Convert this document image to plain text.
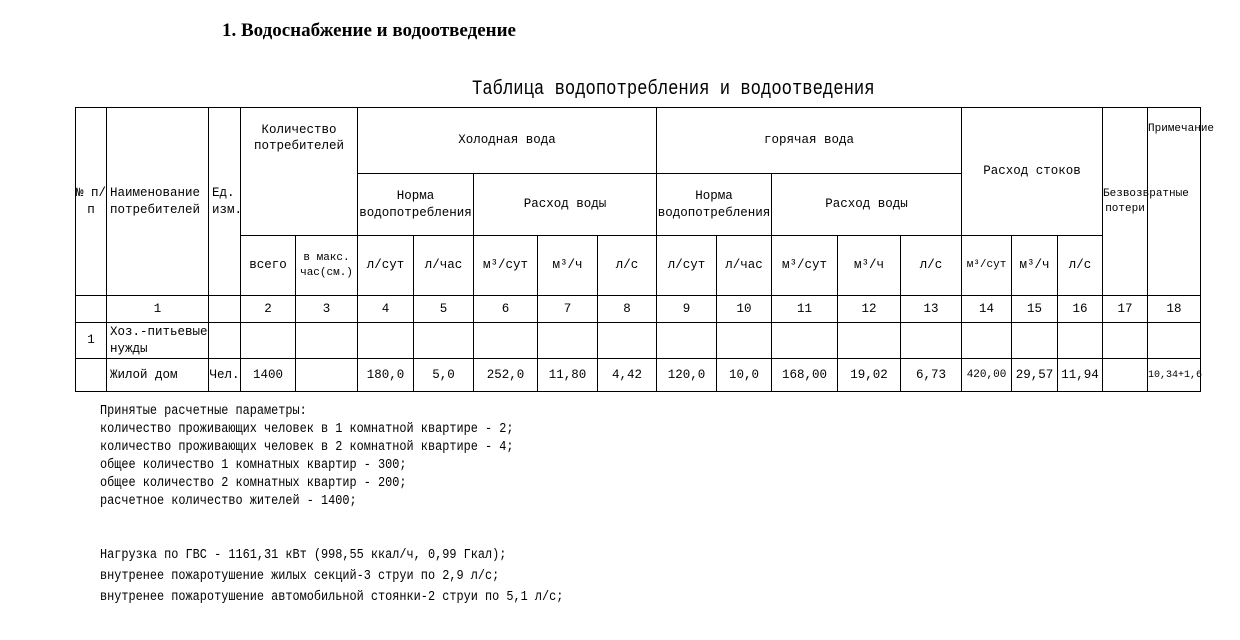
1. Водоснабжение и водоотведение
Таблица водопотребления и водоотведения
№ п/п	Наименование потребителей	Ед. изм.	Количество потребителей		Холодная вода					горячая вода					Расход стоков			Безвозвратные потери	Примечание
					Норма водопотребления		Расход воды			Норма водопотребления		Расход воды							
			всего	в макс. час(см.)	л/сут	л/час	м³/сут	м³/ч	л/с	л/сут	л/час	м³/сут	м³/ч	л/с	м³/сут	м³/ч	л/с		
	1		2	3	4	5	6	7	8	9	10	11	12	13	14	15	16	17	18
1	Хоз.-питьевые нужды																		
	Жилой дом	Чел.	1400		180,0	5,0	252,0	11,80	4,42	120,0	10,0	168,00	19,02	6,73	420,00	29,57	11,94		10,34+1,6
Принятые расчетные параметры:
количество проживающих человек в 1 комнатной квартире - 2;
количество проживающих человек в 2 комнатной квартире - 4;
общее количество 1 комнатных квартир - 300;
общее количество 2 комнатных квартир - 200;
расчетное количество жителей - 1400;
Нагрузка по ГВС - 1161,31 кВт (998,55 ккал/ч, 0,99 Гкал);
внутренее пожаротушение жилых секций-3 струи по 2,9 л/с;
внутренее пожаротушение автомобильной стоянки-2 струи по 5,1 л/с;
